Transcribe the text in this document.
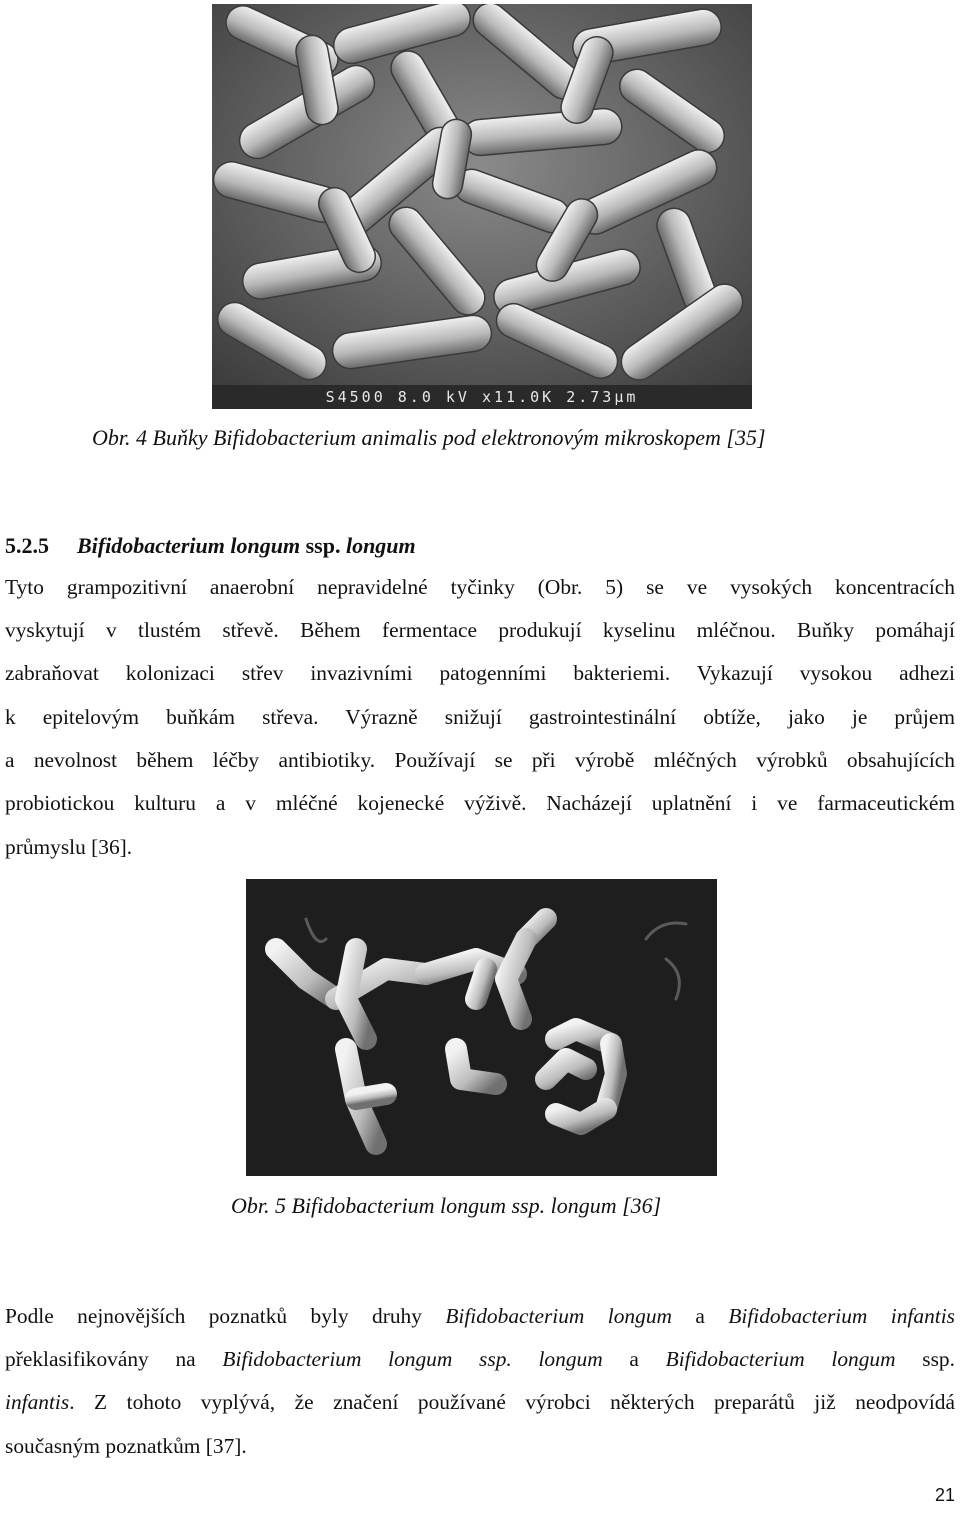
S4500 8.0 kV x11.0K 2.73μm
Obr. 4 Buňky Bifidobacterium animalis pod elektronovým mikroskopem [35]
5.2.5 Bifidobacterium longum ssp. longum
Tyto grampozitivní anaerobní nepravidelné tyčinky (Obr. 5) se ve vysokých koncentracích
vyskytují v tlustém střevě. Během fermentace produkují kyselinu mléčnou. Buňky pomáhají
zabraňovat kolonizaci střev invazivními patogenními bakteriemi. Vykazují vysokou adhezi
k epitelovým buňkám střeva. Výrazně snižují gastrointestinální obtíže, jako je průjem
a nevolnost během léčby antibiotiky. Používají se při výrobě mléčných výrobků obsahujících
probiotickou kulturu a v mléčné kojenecké výživě. Nacházejí uplatnění i ve farmaceutickém
průmyslu [36].
Obr. 5 Bifidobacterium longum ssp. longum [36]
Podle nejnovějších poznatků byly druhy Bifidobacterium longum a Bifidobacterium infantis
překlasifikovány na Bifidobacterium longum ssp. longum a Bifidobacterium longum ssp.
infantis. Z tohoto vyplývá, že značení používané výrobci některých preparátů již neodpovídá
současným poznatkům [37].
21
